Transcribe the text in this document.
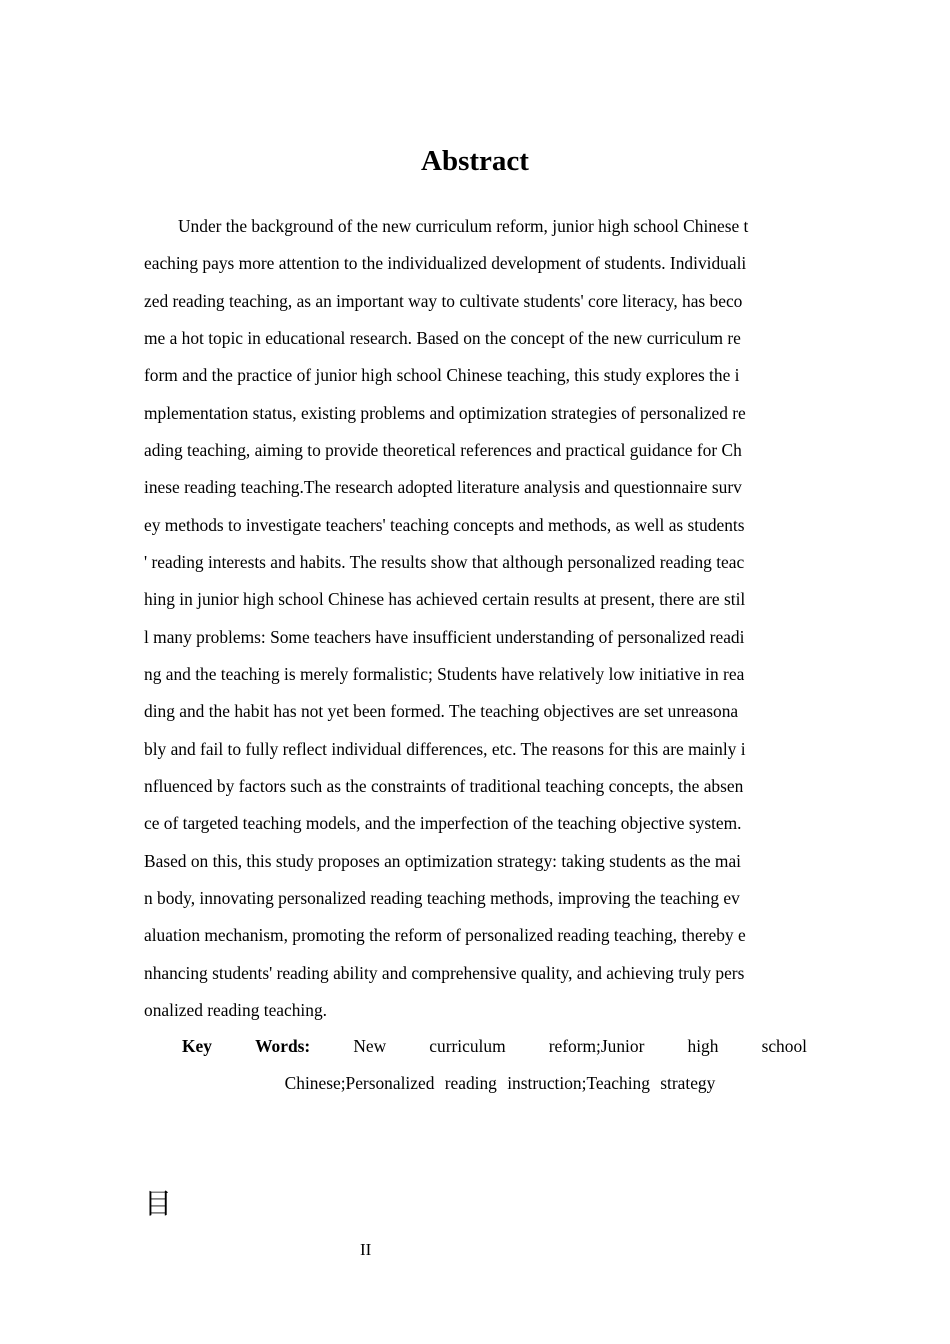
Abstract
Under the background of the new curriculum reform, junior high school Chinese t
eaching pays more attention to the individualized development of students. Individuali
zed reading teaching, as an important way to cultivate students' core literacy, has beco
me a hot topic in educational research. Based on the concept of the new curriculum re
form and the practice of junior high school Chinese teaching, this study explores the i
mplementation status, existing problems and optimization strategies of personalized re
ading teaching, aiming to provide theoretical references and practical guidance for Ch
inese reading teaching.The research adopted literature analysis and questionnaire surv
ey methods to investigate teachers' teaching concepts and methods, as well as students
' reading interests and habits. The results show that although personalized reading teac
hing in junior high school Chinese has achieved certain results at present, there are stil
l many problems: Some teachers have insufficient understanding of personalized readi
ng and the teaching is merely formalistic; Students have relatively low initiative in rea
ding and the habit has not yet been formed. The teaching objectives are set unreasona
bly and fail to fully reflect individual differences, etc. The reasons for this are mainly i
nfluenced by factors such as the constraints of traditional teaching concepts, the absen
ce of targeted teaching models, and the imperfection of the teaching objective system.
Based on this, this study proposes an optimization strategy: taking students as the mai
n body, innovating personalized reading teaching methods, improving the teaching ev
aluation mechanism, promoting the reform of personalized reading teaching, thereby e
nhancing students' reading ability and comprehensive quality, and achieving truly pers
onalized reading teaching.
Key Words: New curriculum reform;Junior high school
Chinese;Personalized reading instruction;Teaching strategy
目
II
